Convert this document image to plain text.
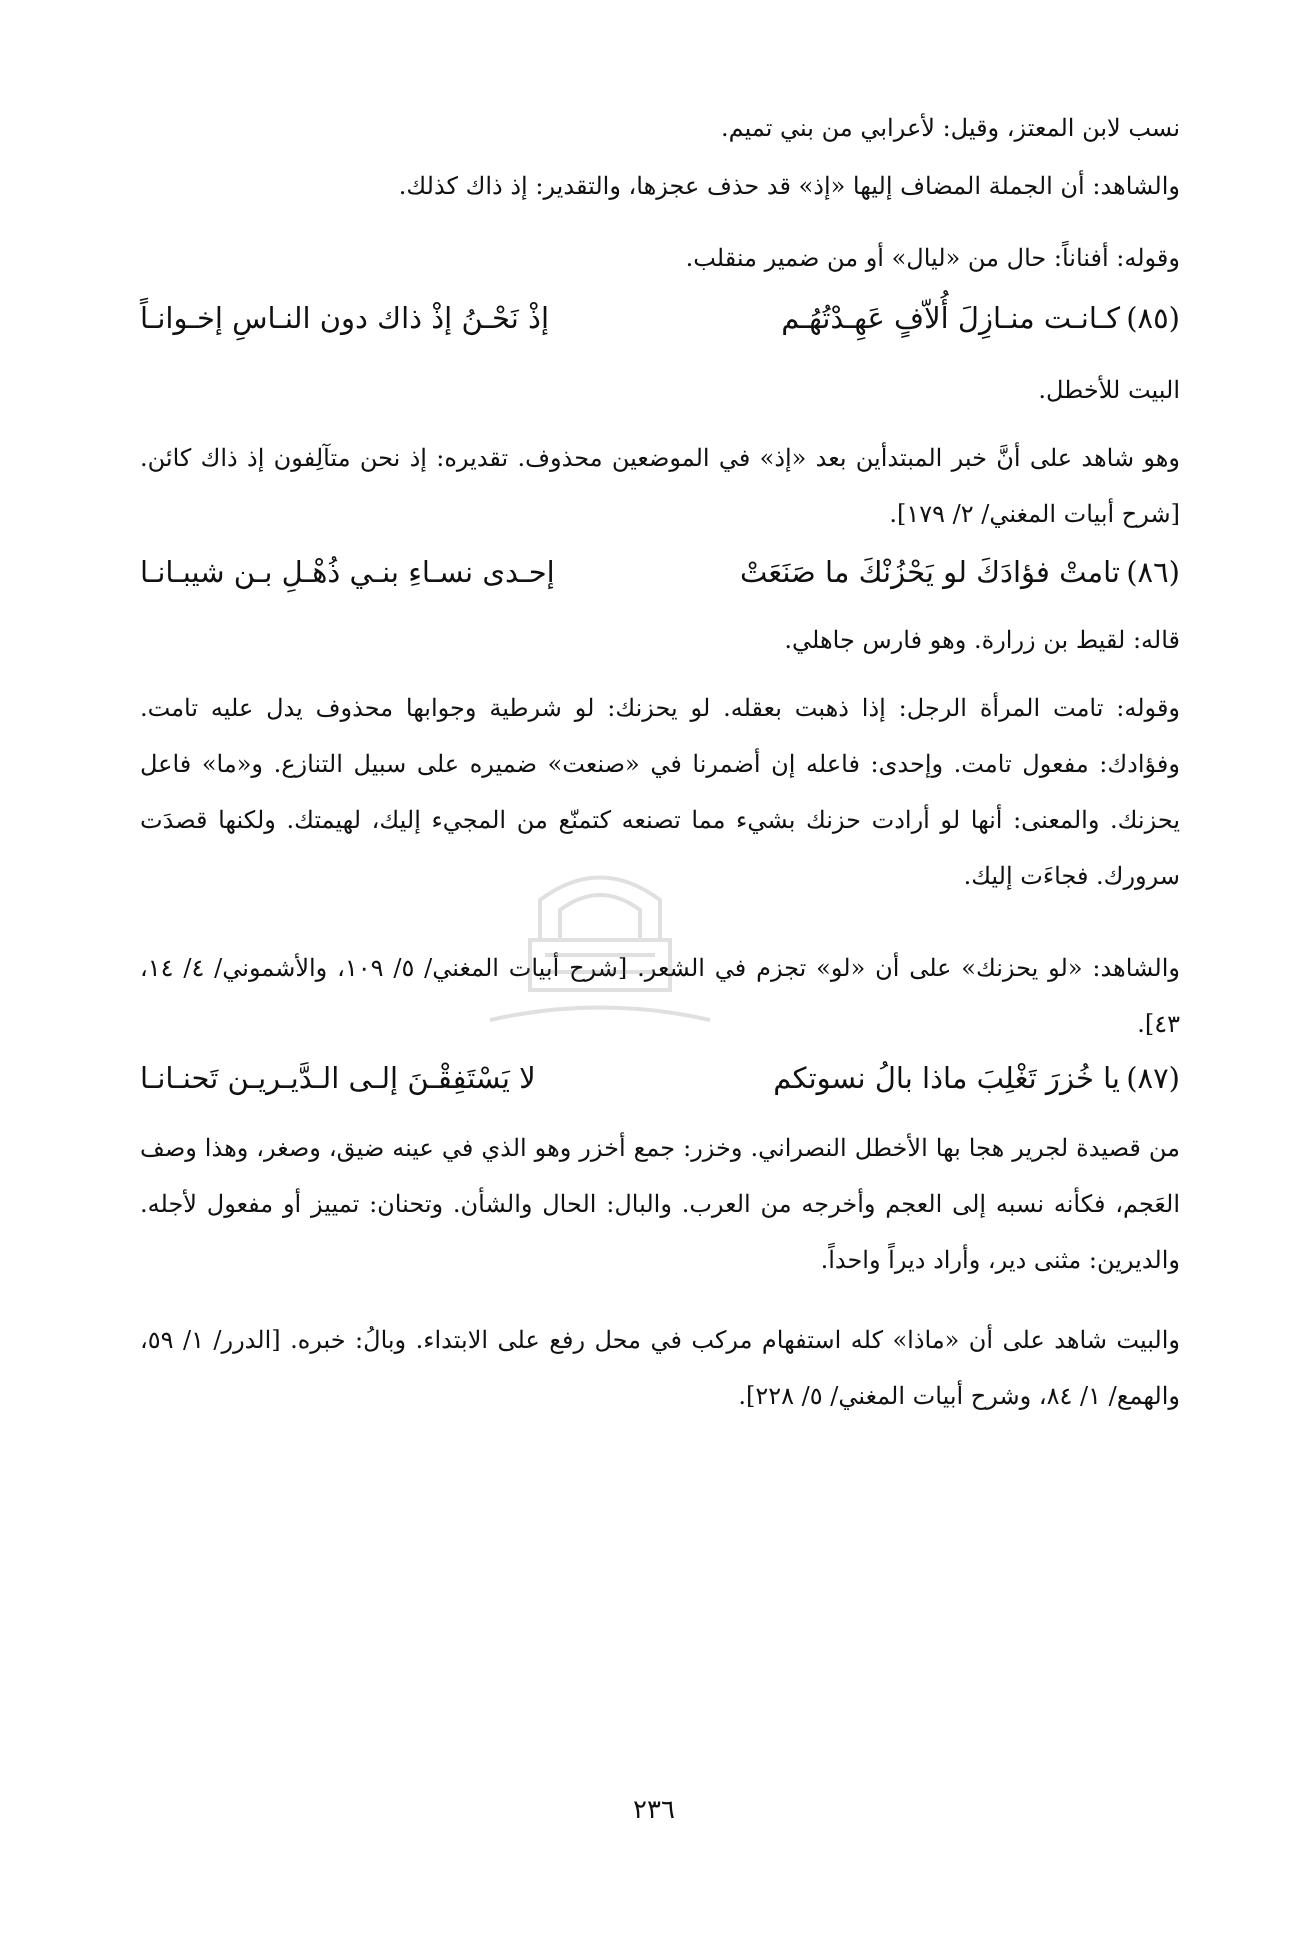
نسب لابن المعتز، وقيل: لأعرابي من بني تميم.

والشاهد: أن الجملة المضاف إليها «إذ» قد حذف عجزها، والتقدير: إذ ذاك كذلك.

وقوله: أفناناً: حال من «ليال» أو من ضمير منقلب.

(٨٥)
كـانـت منـازِلَ أُلاّفٍ عَهِـدْتُهُـم
إذْ نَحْـنُ إذْ ذاك دون النـاسِ إخـوانـاً

البيت للأخطل.

وهو شاهد على أنَّ خبر المبتدأين بعد «إذ» في الموضعين محذوف. تقديره: إذ نحن متآلِفون إذ ذاك كائن. [شرح أبيات المغني/ ٢/ ١٧٩].

(٨٦)
تامتْ فؤادَكَ لو يَحْزُنْكَ ما صَنَعَتْ
إحـدى نسـاءِ بنـي ذُهْـلِ بـن شيبـانـا

قاله: لقيط بن زرارة. وهو فارس جاهلي.

وقوله: تامت المرأة الرجل: إذا ذهبت بعقله. لو يحزنك: لو شرطية وجوابها محذوف يدل عليه تامت. وفؤادك: مفعول تامت. وإحدى: فاعله إن أضمرنا في «صنعت» ضميره على سبيل التنازع. و«ما» فاعل يحزنك. والمعنى: أنها لو أرادت حزنك بشيء مما تصنعه كتمنّع من المجيء إليك، لهيمتك. ولكنها قصدَت سرورك. فجاءَت إليك.

والشاهد: «لو يحزنك» على أن «لو» تجزم في الشعر. [شرح أبيات المغني/ ٥/ ١٠٩، والأشموني/ ٤/ ١٤، ٤٣].

(٨٧)
يا خُزرَ تَغْلِبَ ماذا بالُ نسوتكم
لا يَسْتَفِقْـنَ إلـى الـدَّيـريـن تَحنـانـا

من قصيدة لجرير هجا بها الأخطل النصراني. وخزر: جمع أخزر وهو الذي في عينه ضيق، وصغر، وهذا وصف العَجم، فكأنه نسبه إلى العجم وأخرجه من العرب. والبال: الحال والشأن. وتحنان: تمييز أو مفعول لأجله. والديرين: مثنى دير، وأراد ديراً واحداً.

والبيت شاهد على أن «ماذا» كله استفهام مركب في محل رفع على الابتداء. وبالُ: خبره. [الدرر/ ١/ ٥٩، والهمع/ ١/ ٨٤، وشرح أبيات المغني/ ٥/ ٢٢٨].

٢٣٦
